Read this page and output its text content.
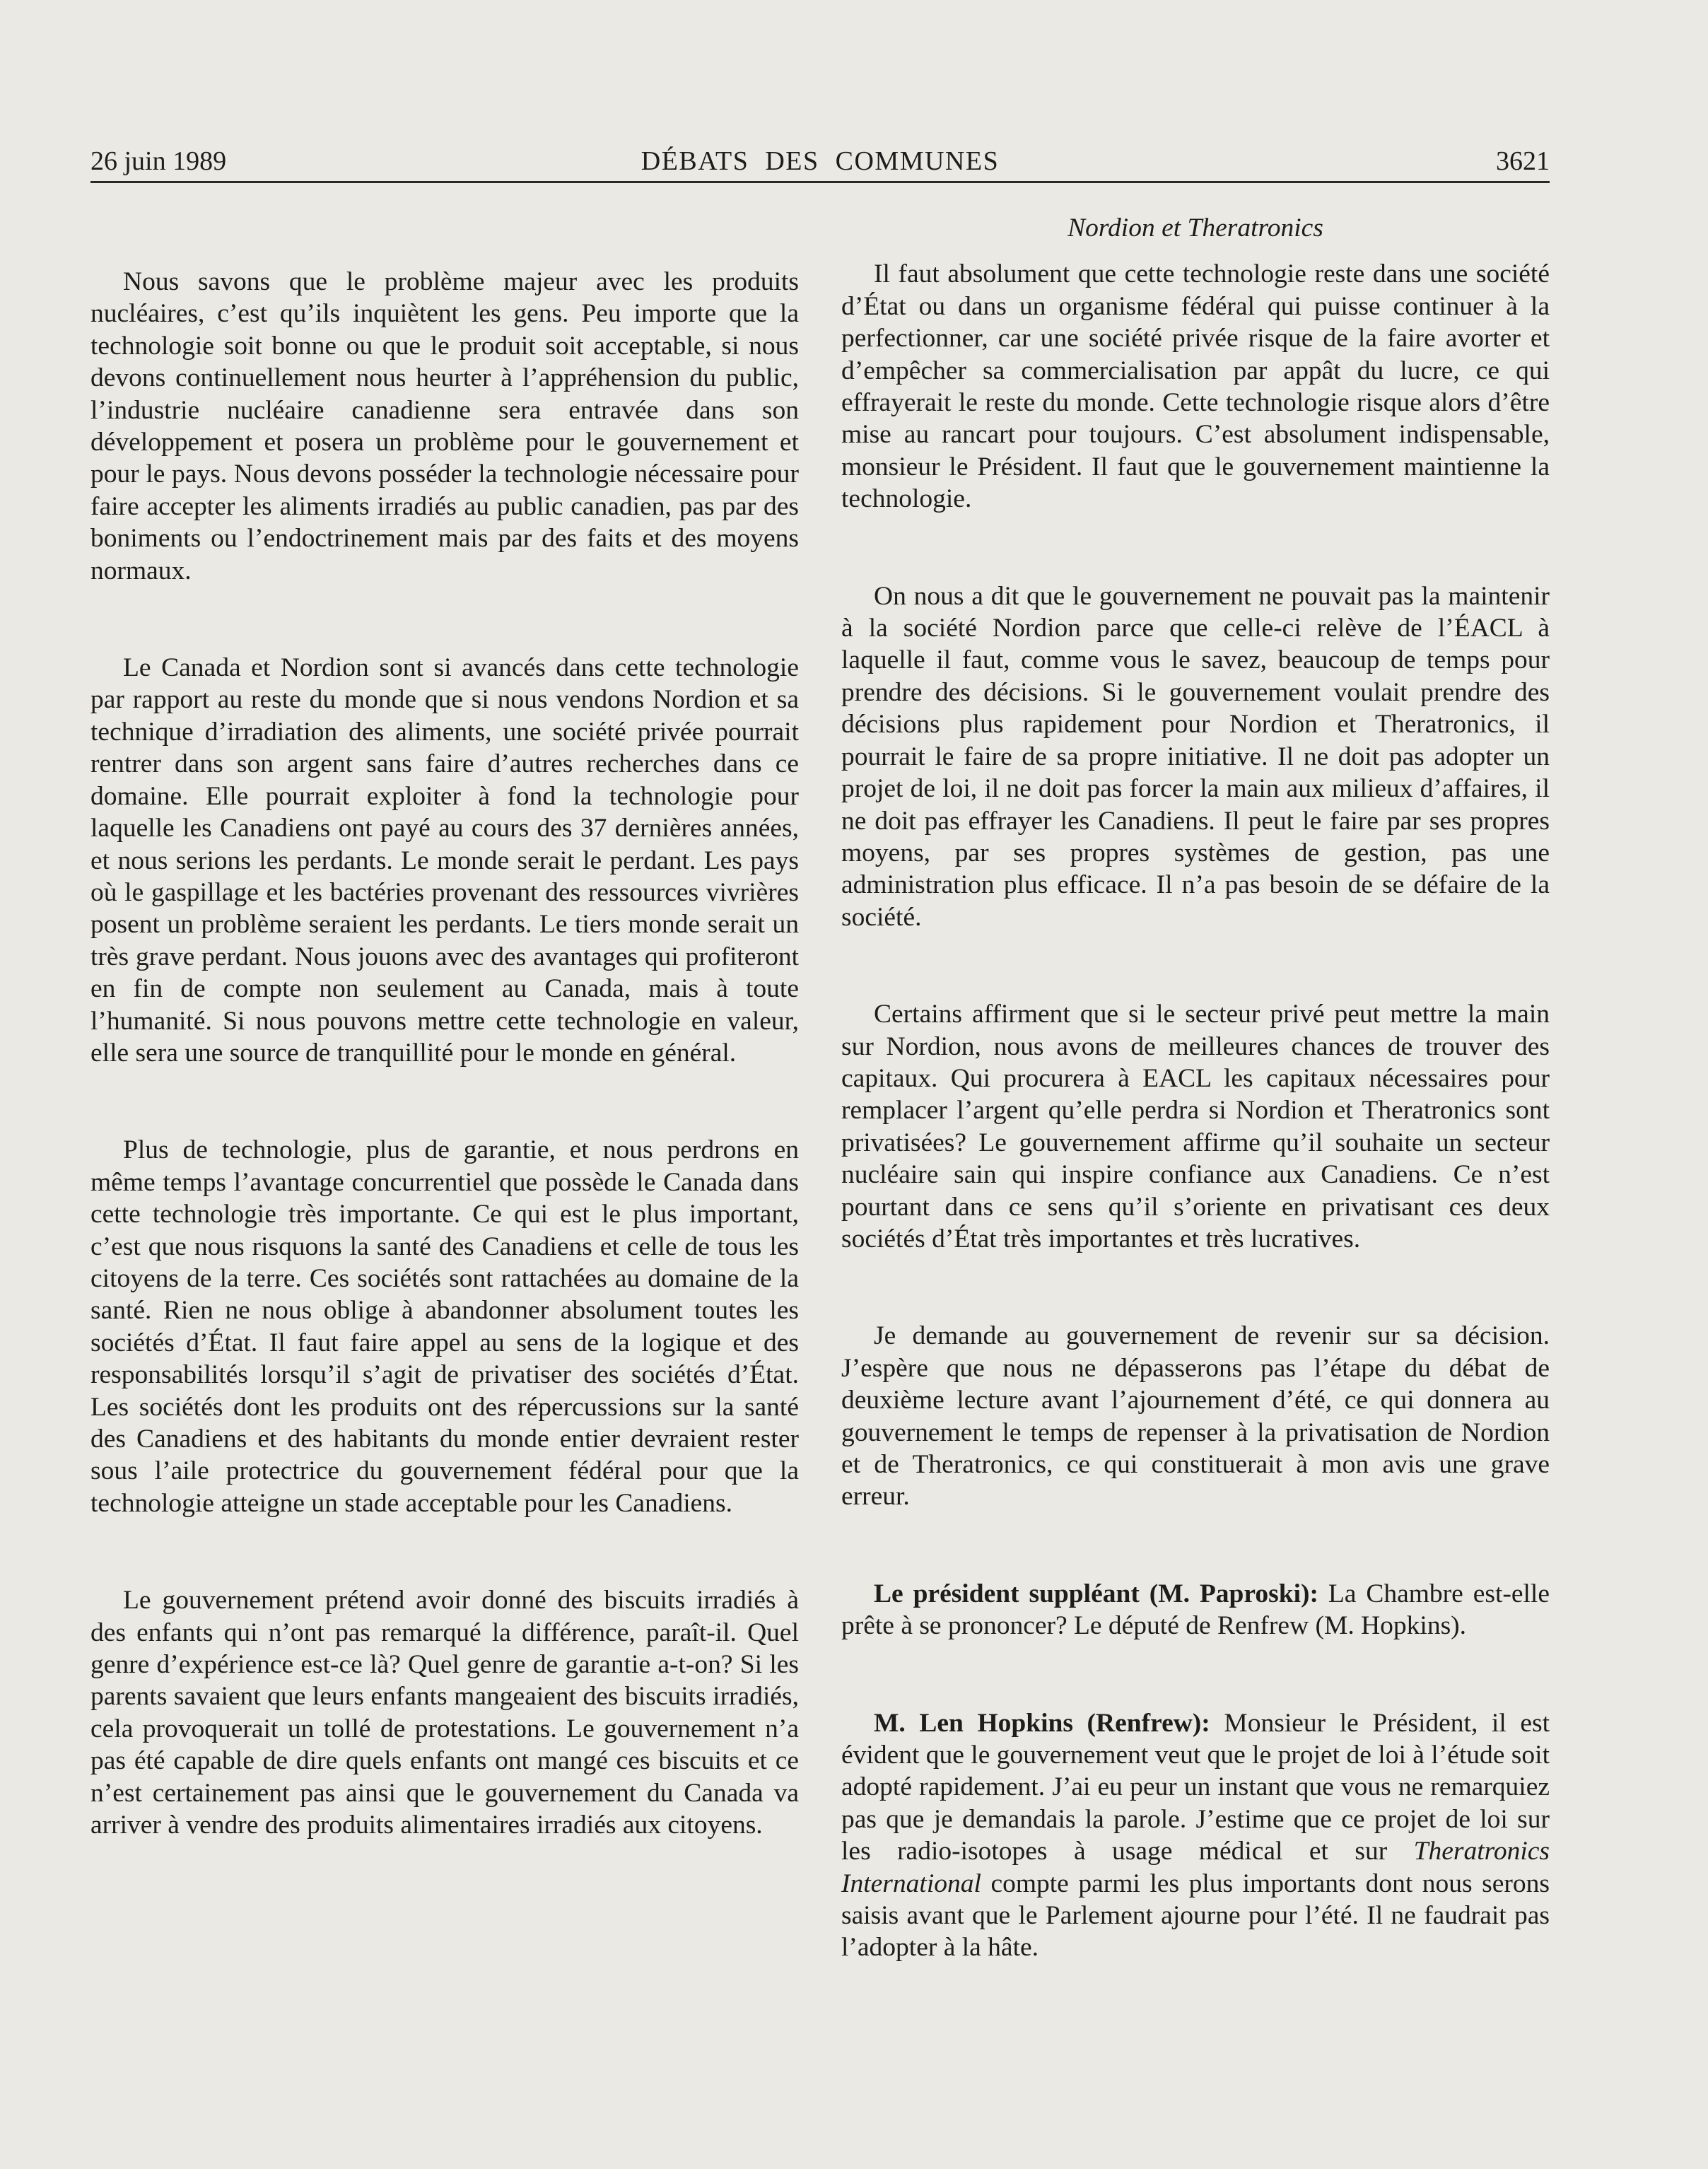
26 juin 1989	DÉBATS DES COMMUNES	3621

Nous savons que le problème majeur avec les produits nucléaires, c’est qu’ils inquiètent les gens. Peu importe que la technologie soit bonne ou que le produit soit acceptable, si nous devons continuellement nous heurter à l’appréhension du public, l’industrie nucléaire canadienne sera entravée dans son développement et posera un problème pour le gouvernement et pour le pays. Nous devons posséder la technologie nécessaire pour faire accepter les aliments irradiés au public canadien, pas par des boniments ou l’endoctrinement mais par des faits et des moyens normaux.

Le Canada et Nordion sont si avancés dans cette technologie par rapport au reste du monde que si nous vendons Nordion et sa technique d’irradiation des aliments, une société privée pourrait rentrer dans son argent sans faire d’autres recherches dans ce domaine. Elle pourrait exploiter à fond la technologie pour laquelle les Canadiens ont payé au cours des 37 dernières années, et nous serions les perdants. Le monde serait le perdant. Les pays où le gaspillage et les bactéries provenant des ressources vivrières posent un problème seraient les perdants. Le tiers monde serait un très grave perdant. Nous jouons avec des avantages qui profiteront en fin de compte non seulement au Canada, mais à toute l’humanité. Si nous pouvons mettre cette technologie en valeur, elle sera une source de tranquillité pour le monde en général.

Plus de technologie, plus de garantie, et nous perdrons en même temps l’avantage concurrentiel que possède le Canada dans cette technologie très importante. Ce qui est le plus important, c’est que nous risquons la santé des Canadiens et celle de tous les citoyens de la terre. Ces sociétés sont rattachées au domaine de la santé. Rien ne nous oblige à abandonner absolument toutes les sociétés d’État. Il faut faire appel au sens de la logique et des responsabilités lorsqu’il s’agit de privatiser des sociétés d’État. Les sociétés dont les produits ont des répercussions sur la santé des Canadiens et des habitants du monde entier devraient rester sous l’aile protectrice du gouvernement fédéral pour que la technologie atteigne un stade acceptable pour les Canadiens.

Le gouvernement prétend avoir donné des biscuits irradiés à des enfants qui n’ont pas remarqué la différence, paraît-il. Quel genre d’expérience est-ce là? Quel genre de garantie a-t-on? Si les parents savaient que leurs enfants mangeaient des biscuits irradiés, cela provoquerait un tollé de protestations. Le gouvernement n’a pas été capable de dire quels enfants ont mangé ces biscuits et ce n’est certainement pas ainsi que le gouvernement du Canada va arriver à vendre des produits alimentaires irradiés aux citoyens.

Nordion et Theratronics

Il faut absolument que cette technologie reste dans une société d’État ou dans un organisme fédéral qui puisse continuer à la perfectionner, car une société privée risque de la faire avorter et d’empêcher sa commercialisation par appât du lucre, ce qui effrayerait le reste du monde. Cette technologie risque alors d’être mise au rancart pour toujours. C’est absolument indispensable, monsieur le Président. Il faut que le gouvernement maintienne la technologie.

On nous a dit que le gouvernement ne pouvait pas la maintenir à la société Nordion parce que celle-ci relève de l’ÉACL à laquelle il faut, comme vous le savez, beaucoup de temps pour prendre des décisions. Si le gouvernement voulait prendre des décisions plus rapidement pour Nordion et Theratronics, il pourrait le faire de sa propre initiative. Il ne doit pas adopter un projet de loi, il ne doit pas forcer la main aux milieux d’affaires, il ne doit pas effrayer les Canadiens. Il peut le faire par ses propres moyens, par ses propres systèmes de gestion, pas une administration plus efficace. Il n’a pas besoin de se défaire de la société.

Certains affirment que si le secteur privé peut mettre la main sur Nordion, nous avons de meilleures chances de trouver des capitaux. Qui procurera à EACL les capitaux nécessaires pour remplacer l’argent qu’elle perdra si Nordion et Theratronics sont privatisées? Le gouvernement affirme qu’il souhaite un secteur nucléaire sain qui inspire confiance aux Canadiens. Ce n’est pourtant dans ce sens qu’il s’oriente en privatisant ces deux sociétés d’État très importantes et très lucratives.

Je demande au gouvernement de revenir sur sa décision. J’espère que nous ne dépasserons pas l’étape du débat de deuxième lecture avant l’ajournement d’été, ce qui donnera au gouvernement le temps de repenser à la privatisation de Nordion et de Theratronics, ce qui constituerait à mon avis une grave erreur.

Le président suppléant (M. Paproski): La Chambre est-elle prête à se prononcer? Le député de Renfrew (M. Hopkins).

M. Len Hopkins (Renfrew): Monsieur le Président, il est évident que le gouvernement veut que le projet de loi à l’étude soit adopté rapidement. J’ai eu peur un instant que vous ne remarquiez pas que je demandais la parole. J’estime que ce projet de loi sur les radio-isotopes à usage médical et sur Theratronics International compte parmi les plus importants dont nous serons saisis avant que le Parlement ajourne pour l’été. Il ne faudrait pas l’adopter à la hâte.
